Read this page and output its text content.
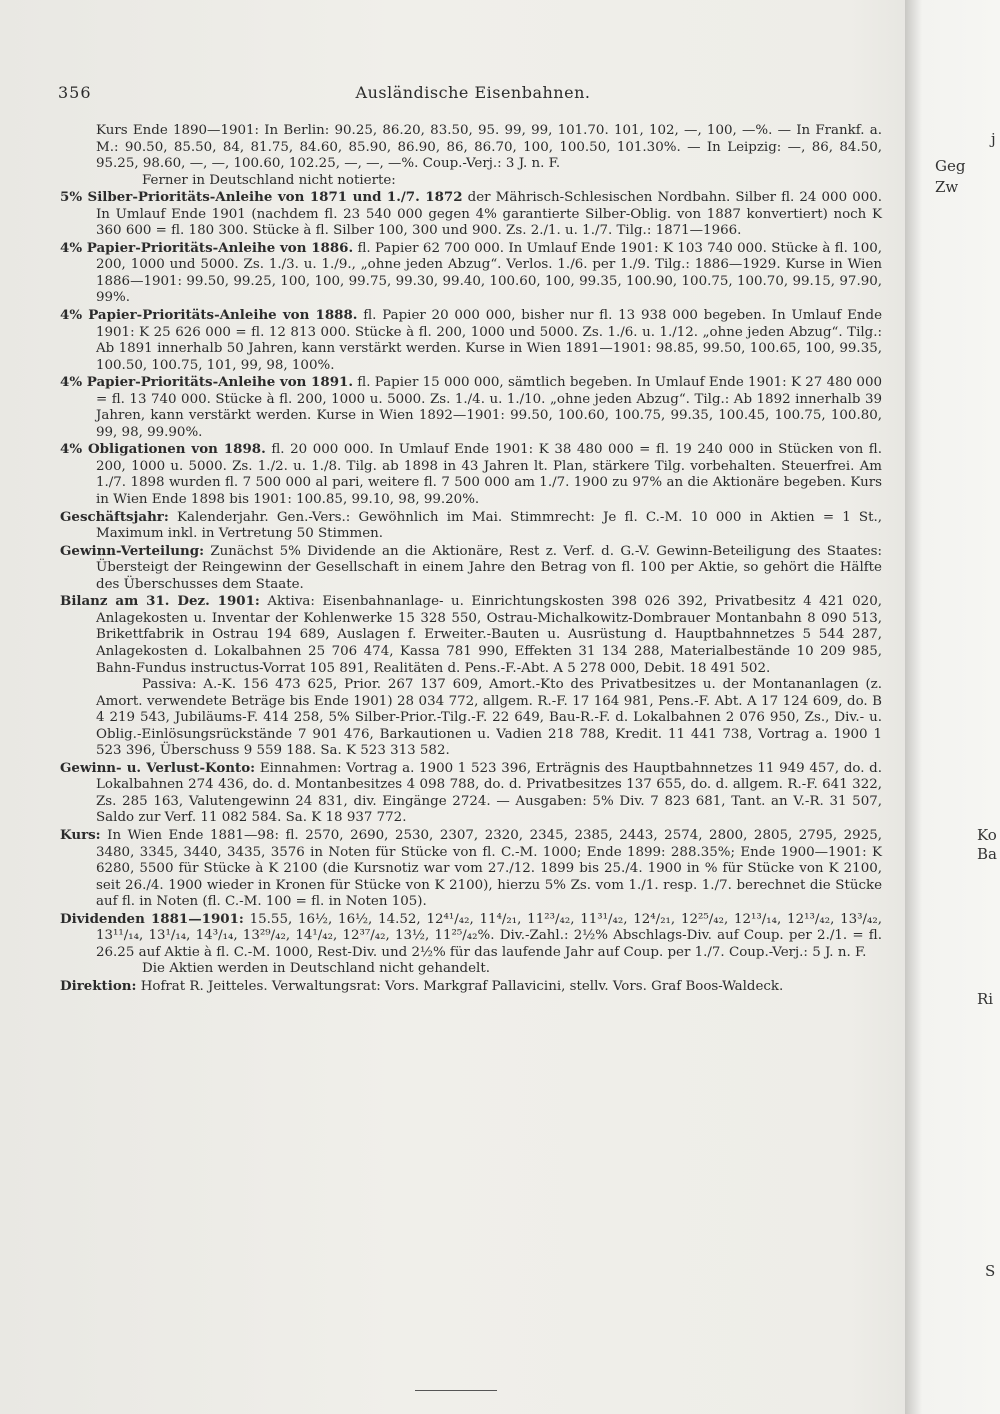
j
Geg
Zw
Ko
Ba
Ri
S
356	Ausländische Eisenbahnen.

Kurs Ende 1890—1901: In Berlin: 90.25, 86.20, 83.50, 95. 99, 99, 101.70. 101, 102, —, 100, —%. — In Frankf. a. M.: 90.50, 85.50, 84, 81.75, 84.60, 85.90, 86.90, 86, 86.70, 100, 100.50, 101.30%. — In Leipzig: —, 86, 84.50, 95.25, 98.60, —, —, 100.60, 102.25, —, —, —%. Coup.-Verj.: 3 J. n. F.

Ferner in Deutschland nicht notierte:

5% Silber-Prioritäts-Anleihe von 1871 und 1./7. 1872 der Mährisch-Schlesischen Nordbahn. Silber fl. 24 000 000. In Umlauf Ende 1901 (nachdem fl. 23 540 000 gegen 4% garantierte Silber-Oblig. von 1887 konvertiert) noch K 360 600 = fl. 180 300. Stücke à fl. Silber 100, 300 und 900. Zs. 2./1. u. 1./7. Tilg.: 1871—1966.

4% Papier-Prioritäts-Anleihe von 1886. fl. Papier 62 700 000. In Umlauf Ende 1901: K 103 740 000. Stücke à fl. 100, 200, 1000 und 5000. Zs. 1./3. u. 1./9., „ohne jeden Abzug“. Verlos. 1./6. per 1./9. Tilg.: 1886—1929. Kurse in Wien 1886—1901: 99.50, 99.25, 100, 100, 99.75, 99.30, 99.40, 100.60, 100, 99.35, 100.90, 100.75, 100.70, 99.15, 97.90, 99%.

4% Papier-Prioritäts-Anleihe von 1888. fl. Papier 20 000 000, bisher nur fl. 13 938 000 begeben. In Umlauf Ende 1901: K 25 626 000 = fl. 12 813 000. Stücke à fl. 200, 1000 und 5000. Zs. 1./6. u. 1./12. „ohne jeden Abzug“. Tilg.: Ab 1891 innerhalb 50 Jahren, kann verstärkt werden. Kurse in Wien 1891—1901: 98.85, 99.50, 100.65, 100, 99.35, 100.50, 100.75, 101, 99, 98, 100%.

4% Papier-Prioritäts-Anleihe von 1891. fl. Papier 15 000 000, sämtlich begeben. In Umlauf Ende 1901: K 27 480 000 = fl. 13 740 000. Stücke à fl. 200, 1000 u. 5000. Zs. 1./4. u. 1./10. „ohne jeden Abzug“. Tilg.: Ab 1892 innerhalb 39 Jahren, kann verstärkt werden. Kurse in Wien 1892—1901: 99.50, 100.60, 100.75, 99.35, 100.45, 100.75, 100.80, 99, 98, 99.90%.

4% Obligationen von 1898. fl. 20 000 000. In Umlauf Ende 1901: K 38 480 000 = fl. 19 240 000 in Stücken von fl. 200, 1000 u. 5000. Zs. 1./2. u. 1./8. Tilg. ab 1898 in 43 Jahren lt. Plan, stärkere Tilg. vorbehalten. Steuerfrei. Am 1./7. 1898 wurden fl. 7 500 000 al pari, weitere fl. 7 500 000 am 1./7. 1900 zu 97% an die Aktionäre begeben. Kurs in Wien Ende 1898 bis 1901: 100.85, 99.10, 98, 99.20%.

Geschäftsjahr: Kalenderjahr. Gen.-Vers.: Gewöhnlich im Mai. Stimmrecht: Je fl. C.-M. 10 000 in Aktien = 1 St., Maximum inkl. in Vertretung 50 Stimmen.

Gewinn-Verteilung: Zunächst 5% Dividende an die Aktionäre, Rest z. Verf. d. G.-V. Gewinn-Beteiligung des Staates: Übersteigt der Reingewinn der Gesellschaft in einem Jahre den Betrag von fl. 100 per Aktie, so gehört die Hälfte des Überschusses dem Staate.

Bilanz am 31. Dez. 1901: Aktiva: Eisenbahnanlage- u. Einrichtungskosten 398 026 392, Privatbesitz 4 421 020, Anlagekosten u. Inventar der Kohlenwerke 15 328 550, Ostrau-Michalkowitz-Dombrauer Montanbahn 8 090 513, Brikettfabrik in Ostrau 194 689, Auslagen f. Erweiter.-Bauten u. Ausrüstung d. Hauptbahnnetzes 5 544 287, Anlagekosten d. Lokalbahnen 25 706 474, Kassa 781 990, Effekten 31 134 288, Materialbestände 10 209 985, Bahn-Fundus instructus-Vorrat 105 891, Realitäten d. Pens.-F.-Abt. A 5 278 000, Debit. 18 491 502.

Passiva: A.-K. 156 473 625, Prior. 267 137 609, Amort.-Kto des Privatbesitzes u. der Montananlagen (z. Amort. verwendete Beträge bis Ende 1901) 28 034 772, allgem. R.-F. 17 164 981, Pens.-F. Abt. A 17 124 609, do. B 4 219 543, Jubiläums-F. 414 258, 5% Silber-Prior.-Tilg.-F. 22 649, Bau-R.-F. d. Lokalbahnen 2 076 950, Zs., Div.- u. Oblig.-Einlösungsrückstände 7 901 476, Barkautionen u. Vadien 218 788, Kredit. 11 441 738, Vortrag a. 1900 1 523 396, Überschuss 9 559 188. Sa. K 523 313 582.

Gewinn- u. Verlust-Konto: Einnahmen: Vortrag a. 1900 1 523 396, Erträgnis des Hauptbahnnetzes 11 949 457, do. d. Lokalbahnen 274 436, do. d. Montanbesitzes 4 098 788, do. d. Privatbesitzes 137 655, do. d. allgem. R.-F. 641 322, Zs. 285 163, Valutengewinn 24 831, div. Eingänge 2724. — Ausgaben: 5% Div. 7 823 681, Tant. an V.-R. 31 507, Saldo zur Verf. 11 082 584. Sa. K 18 937 772.

Kurs: In Wien Ende 1881—98: fl. 2570, 2690, 2530, 2307, 2320, 2345, 2385, 2443, 2574, 2800, 2805, 2795, 2925, 3480, 3345, 3440, 3435, 3576 in Noten für Stücke von fl. C.-M. 1000; Ende 1899: 288.35%; Ende 1900—1901: K 6280, 5500 für Stücke à K 2100 (die Kursnotiz war vom 27./12. 1899 bis 25./4. 1900 in % für Stücke von K 2100, seit 26./4. 1900 wieder in Kronen für Stücke von K 2100), hierzu 5% Zs. vom 1./1. resp. 1./7. berechnet die Stücke auf fl. in Noten (fl. C.-M. 100 = fl. in Noten 105).

Dividenden 1881—1901: 15.55, 16½, 16½, 14.52, 12⁴¹/₄₂, 11⁴/₂₁, 11²³/₄₂, 11³¹/₄₂, 12⁴/₂₁, 12²⁵/₄₂, 12¹³/₁₄, 12¹³/₄₂, 13³/₄₂, 13¹¹/₁₄, 13¹/₁₄, 14³/₁₄, 13²⁹/₄₂, 14¹/₄₂, 12³⁷/₄₂, 13½, 11²⁵/₄₂%. Div.-Zahl.: 2½% Abschlags-Div. auf Coup. per 2./1. = fl. 26.25 auf Aktie à fl. C.-M. 1000, Rest-Div. und 2½% für das laufende Jahr auf Coup. per 1./7. Coup.-Verj.: 5 J. n. F.

Die Aktien werden in Deutschland nicht gehandelt.

Direktion: Hofrat R. Jeitteles. Verwaltungsrat: Vors. Markgraf Pallavicini, stellv. Vors. Graf Boos-Waldeck.
